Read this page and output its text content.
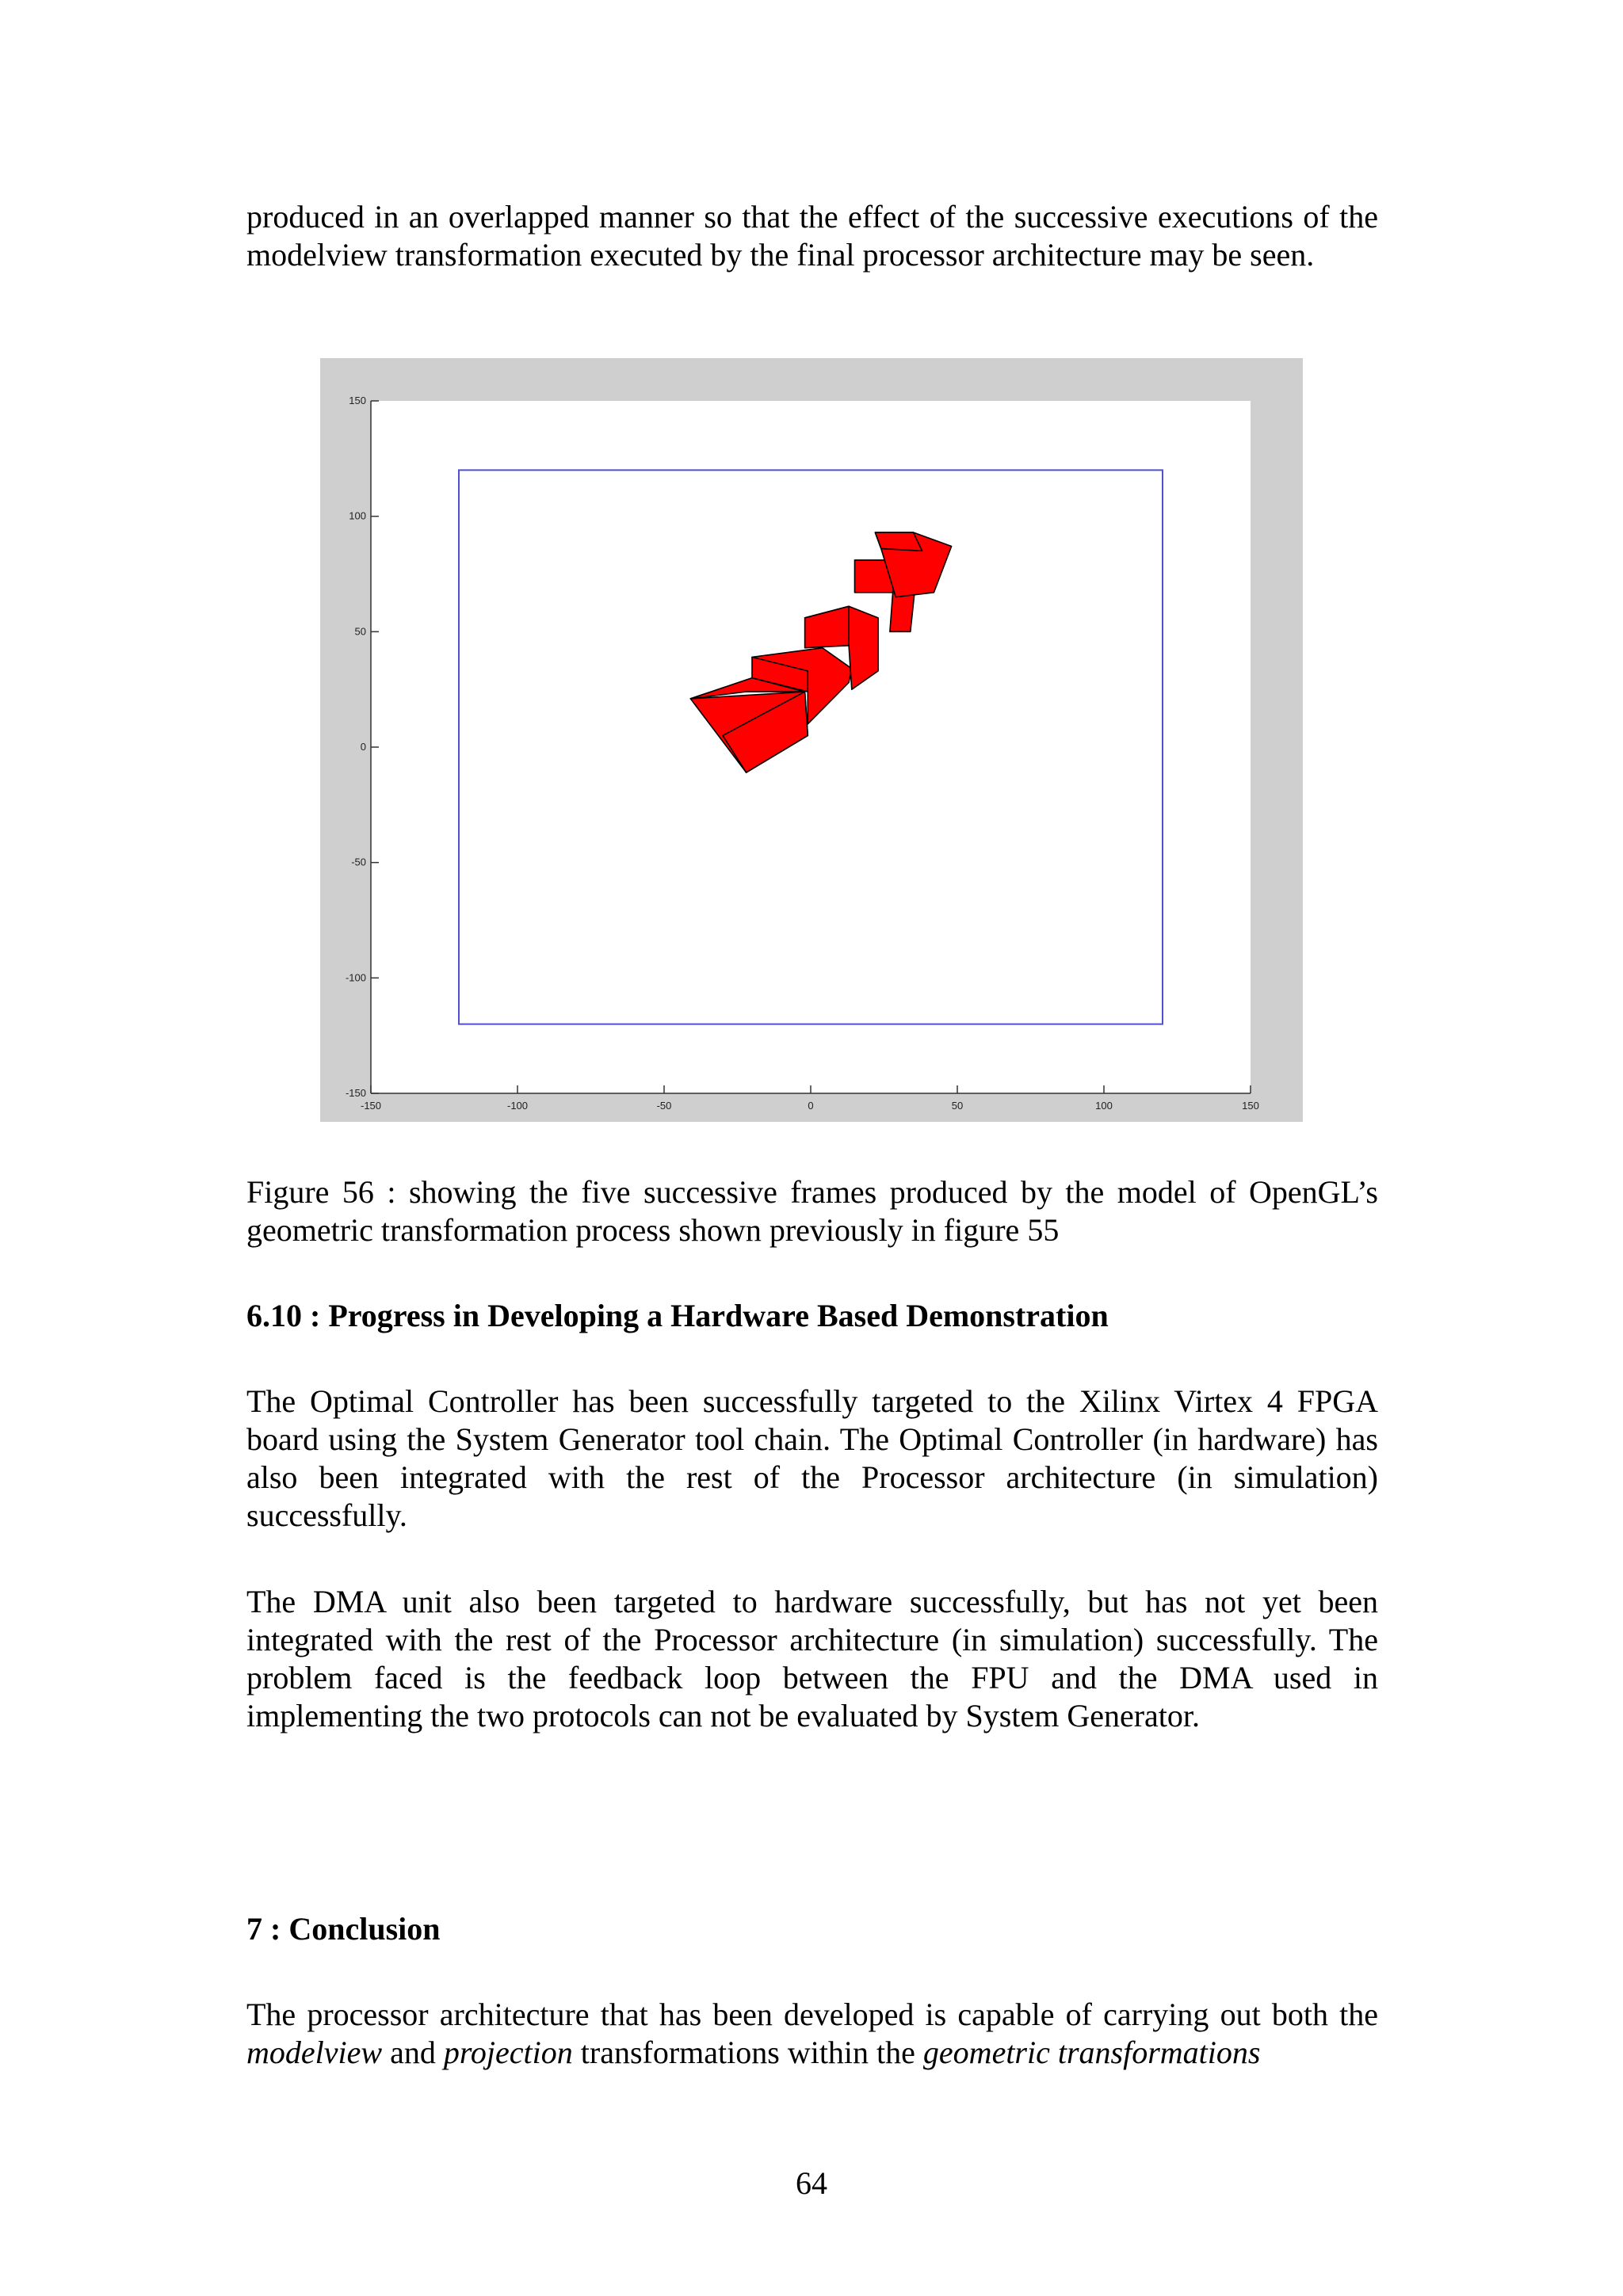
produced in an overlapped manner so that the effect of the successive executions of the modelview transformation executed by the final processor architecture may be seen.

-150	-100	-50	0	50	100	150
150
100
50
0
-50
-100
-150

Figure 56 : showing the five successive frames produced by the model of OpenGL’s geometric transformation process shown previously in figure 55

6.10 : Progress in Developing a Hardware Based Demonstration

The Optimal Controller has been successfully targeted to the Xilinx Virtex 4 FPGA board using the System Generator tool chain. The Optimal Controller (in hardware) has also been integrated with the rest of the Processor architecture (in simulation) successfully.

The DMA unit also been targeted to hardware successfully, but has not yet been integrated with the rest of the Processor architecture (in simulation) successfully. The problem faced is the feedback loop between the FPU and the DMA used in implementing the two protocols can not be evaluated by System Generator.

7 : Conclusion

The processor architecture that has been developed is capable of carrying out both the modelview and projection transformations within the geometric transformations

64
